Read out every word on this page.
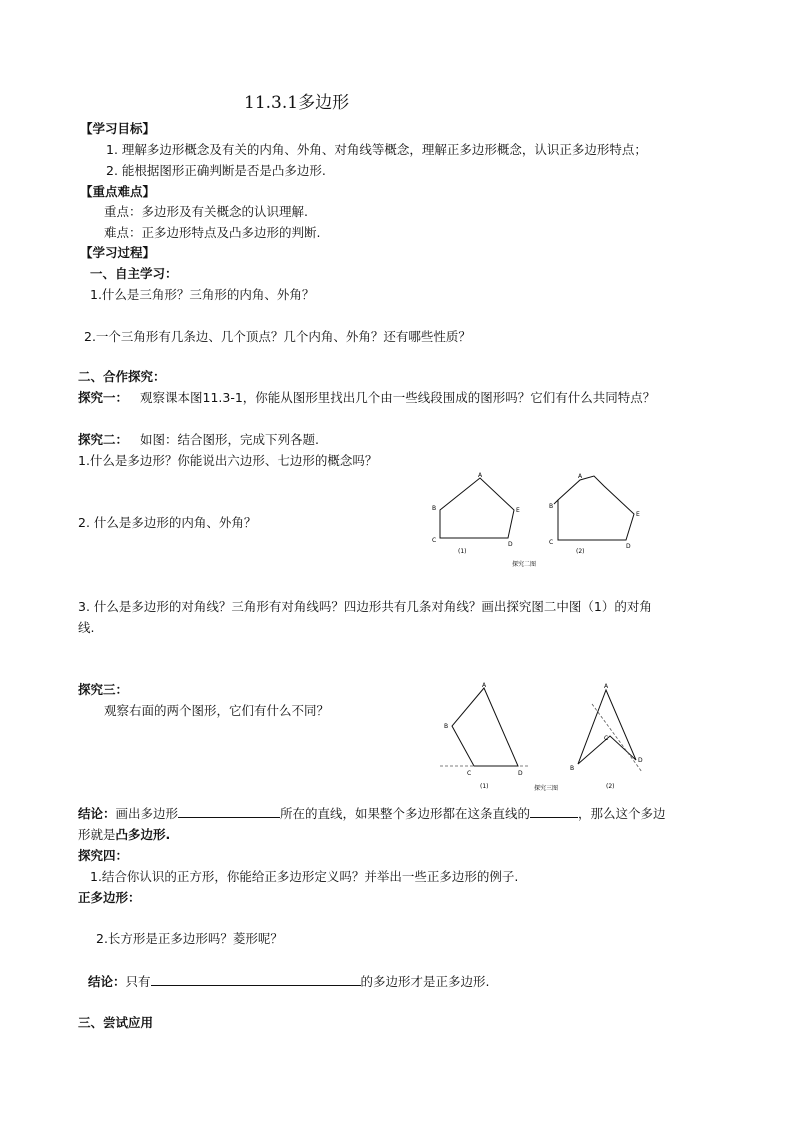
11.3.1多边形
【学习目标】
1. 理解多边形概念及有关的内角、外角、对角线等概念，理解正多边形概念，认识正多边形特点；
2. 能根据图形正确判断是否是凸多边形.
【重点难点】
重点：多边形及有关概念的认识理解.
难点：正多边形特点及凸多边形的判断.
【学习过程】
一、自主学习：
1.什么是三角形？三角形的内角、外角？
2.一个三角形有几条边、几个顶点？几个内角、外角？还有哪些性质？
二、合作探究：
探究一： 观察课本图11.3-1，你能从图形里找出几个由一些线段围成的图形吗？它们有什么共同特点？
探究二： 如图：结合图形，完成下列各题.
1.什么是多边形？你能说出六边形、七边形的概念吗？
2. 什么是多边形的内角、外角？
A
B
C
D
E
(1)
A
B
C
D
E
(2)
探究二图
3. 什么是多边形的对角线？三角形有对角线吗？四边形共有几条对角线？画出探究图二中图（1）的对角
线.
探究三：
观察右面的两个图形，它们有什么不同？
A
B
C	D
(1)
A
B
C
D
(2)
探究三图
结论：画出多边形	所在的直线，如果整个多边形都在这条直线的	，那么这个多边
形就是凸多边形.
探究四：
1.结合你认识的正方形，你能给正多边形定义吗？并举出一些正多边形的例子.
正多边形：
2.长方形是正多边形吗？菱形呢？
结论：只有	的多边形才是正多边形.
三、尝试应用
